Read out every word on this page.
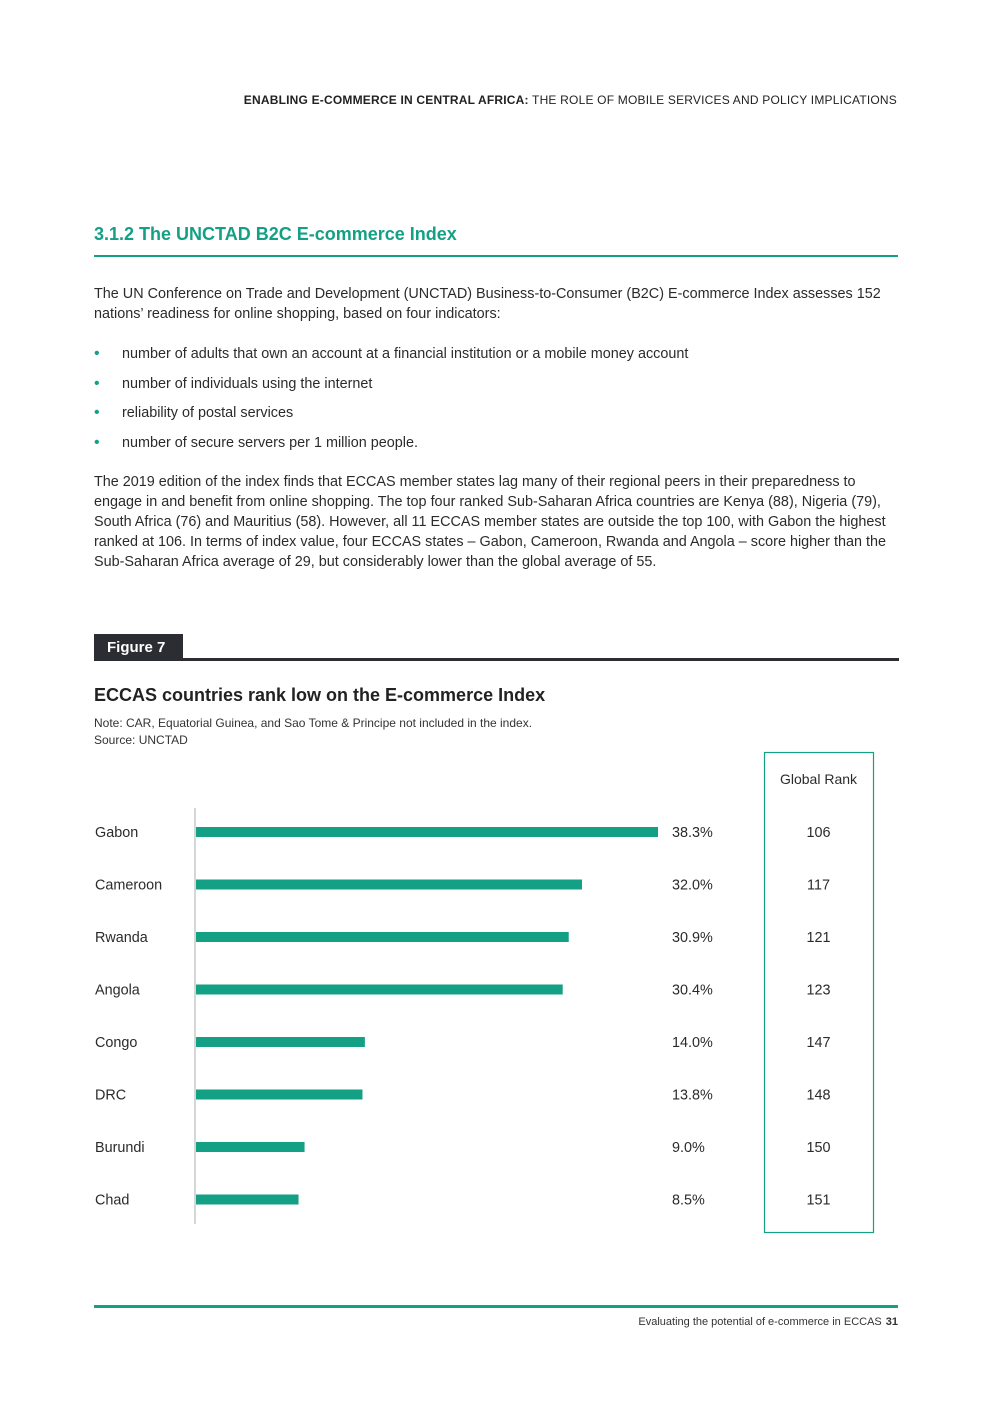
ENABLING E-COMMERCE IN CENTRAL AFRICA: THE ROLE OF MOBILE SERVICES AND POLICY IMPLICATIONS
3.1.2 The UNCTAD B2C E-commerce Index

The UN Conference on Trade and Development (UNCTAD) Business-to-Consumer (B2C) E-commerce Index assesses 152 nations’ readiness for online shopping, based on four indicators:

• number of adults that own an account at a financial institution or a mobile money account
• number of individuals using the internet
• reliability of postal services
• number of secure servers per 1 million people.

The 2019 edition of the index finds that ECCAS member states lag many of their regional peers in their preparedness to engage in and benefit from online shopping. The top four ranked Sub-Saharan Africa countries are Kenya (88), Nigeria (79), South Africa (76) and Mauritius (58). However, all 11 ECCAS member states are outside the top 100, with Gabon the highest ranked at 106. In terms of index value, four ECCAS states – Gabon, Cameroon, Rwanda and Angola – score higher than the Sub-Saharan Africa average of 29, but considerably lower than the global average of 55.

Figure 7
ECCAS countries rank low on the E-commerce Index
Note: CAR, Equatorial Guinea, and Sao Tome & Principe not included in the index.
Source: UNCTAD
Global Rank
Gabon	38.3%	106
Cameroon	32.0%	117
Rwanda	30.9%	121
Angola	30.4%	123
Congo	14.0%	147
DRC	13.8%	148
Burundi	9.0%	150
Chad	8.5%	151
Evaluating the potential of e-commerce in ECCAS 31
